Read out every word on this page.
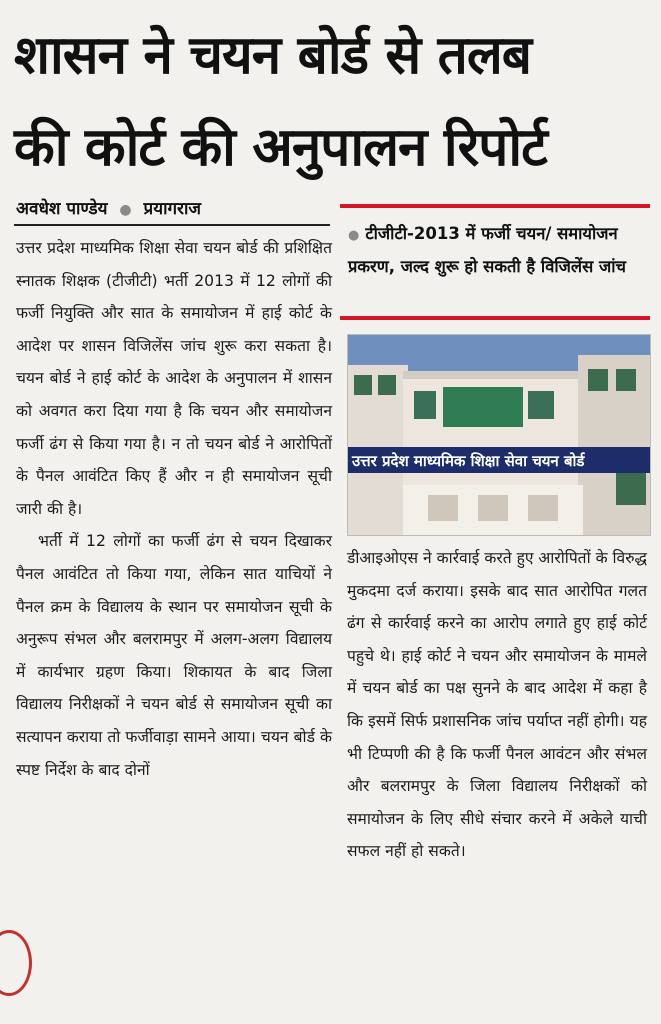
शासन ने चयन बोर्ड से तलब
की कोर्ट की अनुपालन रिपोर्ट
अवधेश पाण्डेय ● प्रयागराज

उत्तर प्रदेश माध्यमिक शिक्षा सेवा चयन बोर्ड की प्रशिक्षित स्नातक शिक्षक (टीजीटी) भर्ती 2013 में 12 लोगों की फर्जी नियुक्ति और सात के समायोजन में हाई कोर्ट के आदेश पर शासन विजिलेंस जांच शुरू करा सकता है। चयन बोर्ड ने हाई कोर्ट के आदेश के अनुपालन में शासन को अवगत करा दिया गया है कि चयन और समायोजन फर्जी ढंग से किया गया है। न तो चयन बोर्ड ने आरोपितों के पैनल आवंटित किए हैं और न ही समायोजन सूची जारी की है।

भर्ती में 12 लोगों का फर्जी ढंग से चयन दिखाकर पैनल आवंटित तो किया गया, लेकिन सात याचियों ने पैनल क्रम के विद्यालय के स्थान पर समायोजन सूची के अनुरूप संभल और बलरामपुर में अलग-अलग विद्यालय में कार्यभार ग्रहण किया। शिकायत के बाद जिला विद्यालय निरीक्षकों ने चयन बोर्ड से समायोजन सूची का सत्यापन कराया तो फर्जीवाड़ा सामने आया। चयन बोर्ड के स्पष्ट निर्देश के बाद दोनों

● टीजीटी-2013 में फर्जी चयन/ समायोजन प्रकरण, जल्द शुरू हो सकती है विजिलेंस जांच
उत्तर प्रदेश माध्यमिक शिक्षा सेवा चयन बोर्ड

डीआइओएस ने कार्रवाई करते हुए आरोपितों के विरुद्ध मुकदमा दर्ज कराया। इसके बाद सात आरोपित गलत ढंग से कार्रवाई करने का आरोप लगाते हुए हाई कोर्ट पहुचे थे। हाई कोर्ट ने चयन और समायोजन के मामले में चयन बोर्ड का पक्ष सुनने के बाद आदेश में कहा है कि इसमें सिर्फ प्रशासनिक जांच पर्याप्त नहीं होगी। यह भी टिप्पणी की है कि फर्जी पैनल आवंटन और संभल और बलरामपुर के जिला विद्यालय निरीक्षकों को समायोजन के लिए सीधे संचार करने में अकेले याची सफल नहीं हो सकते।
